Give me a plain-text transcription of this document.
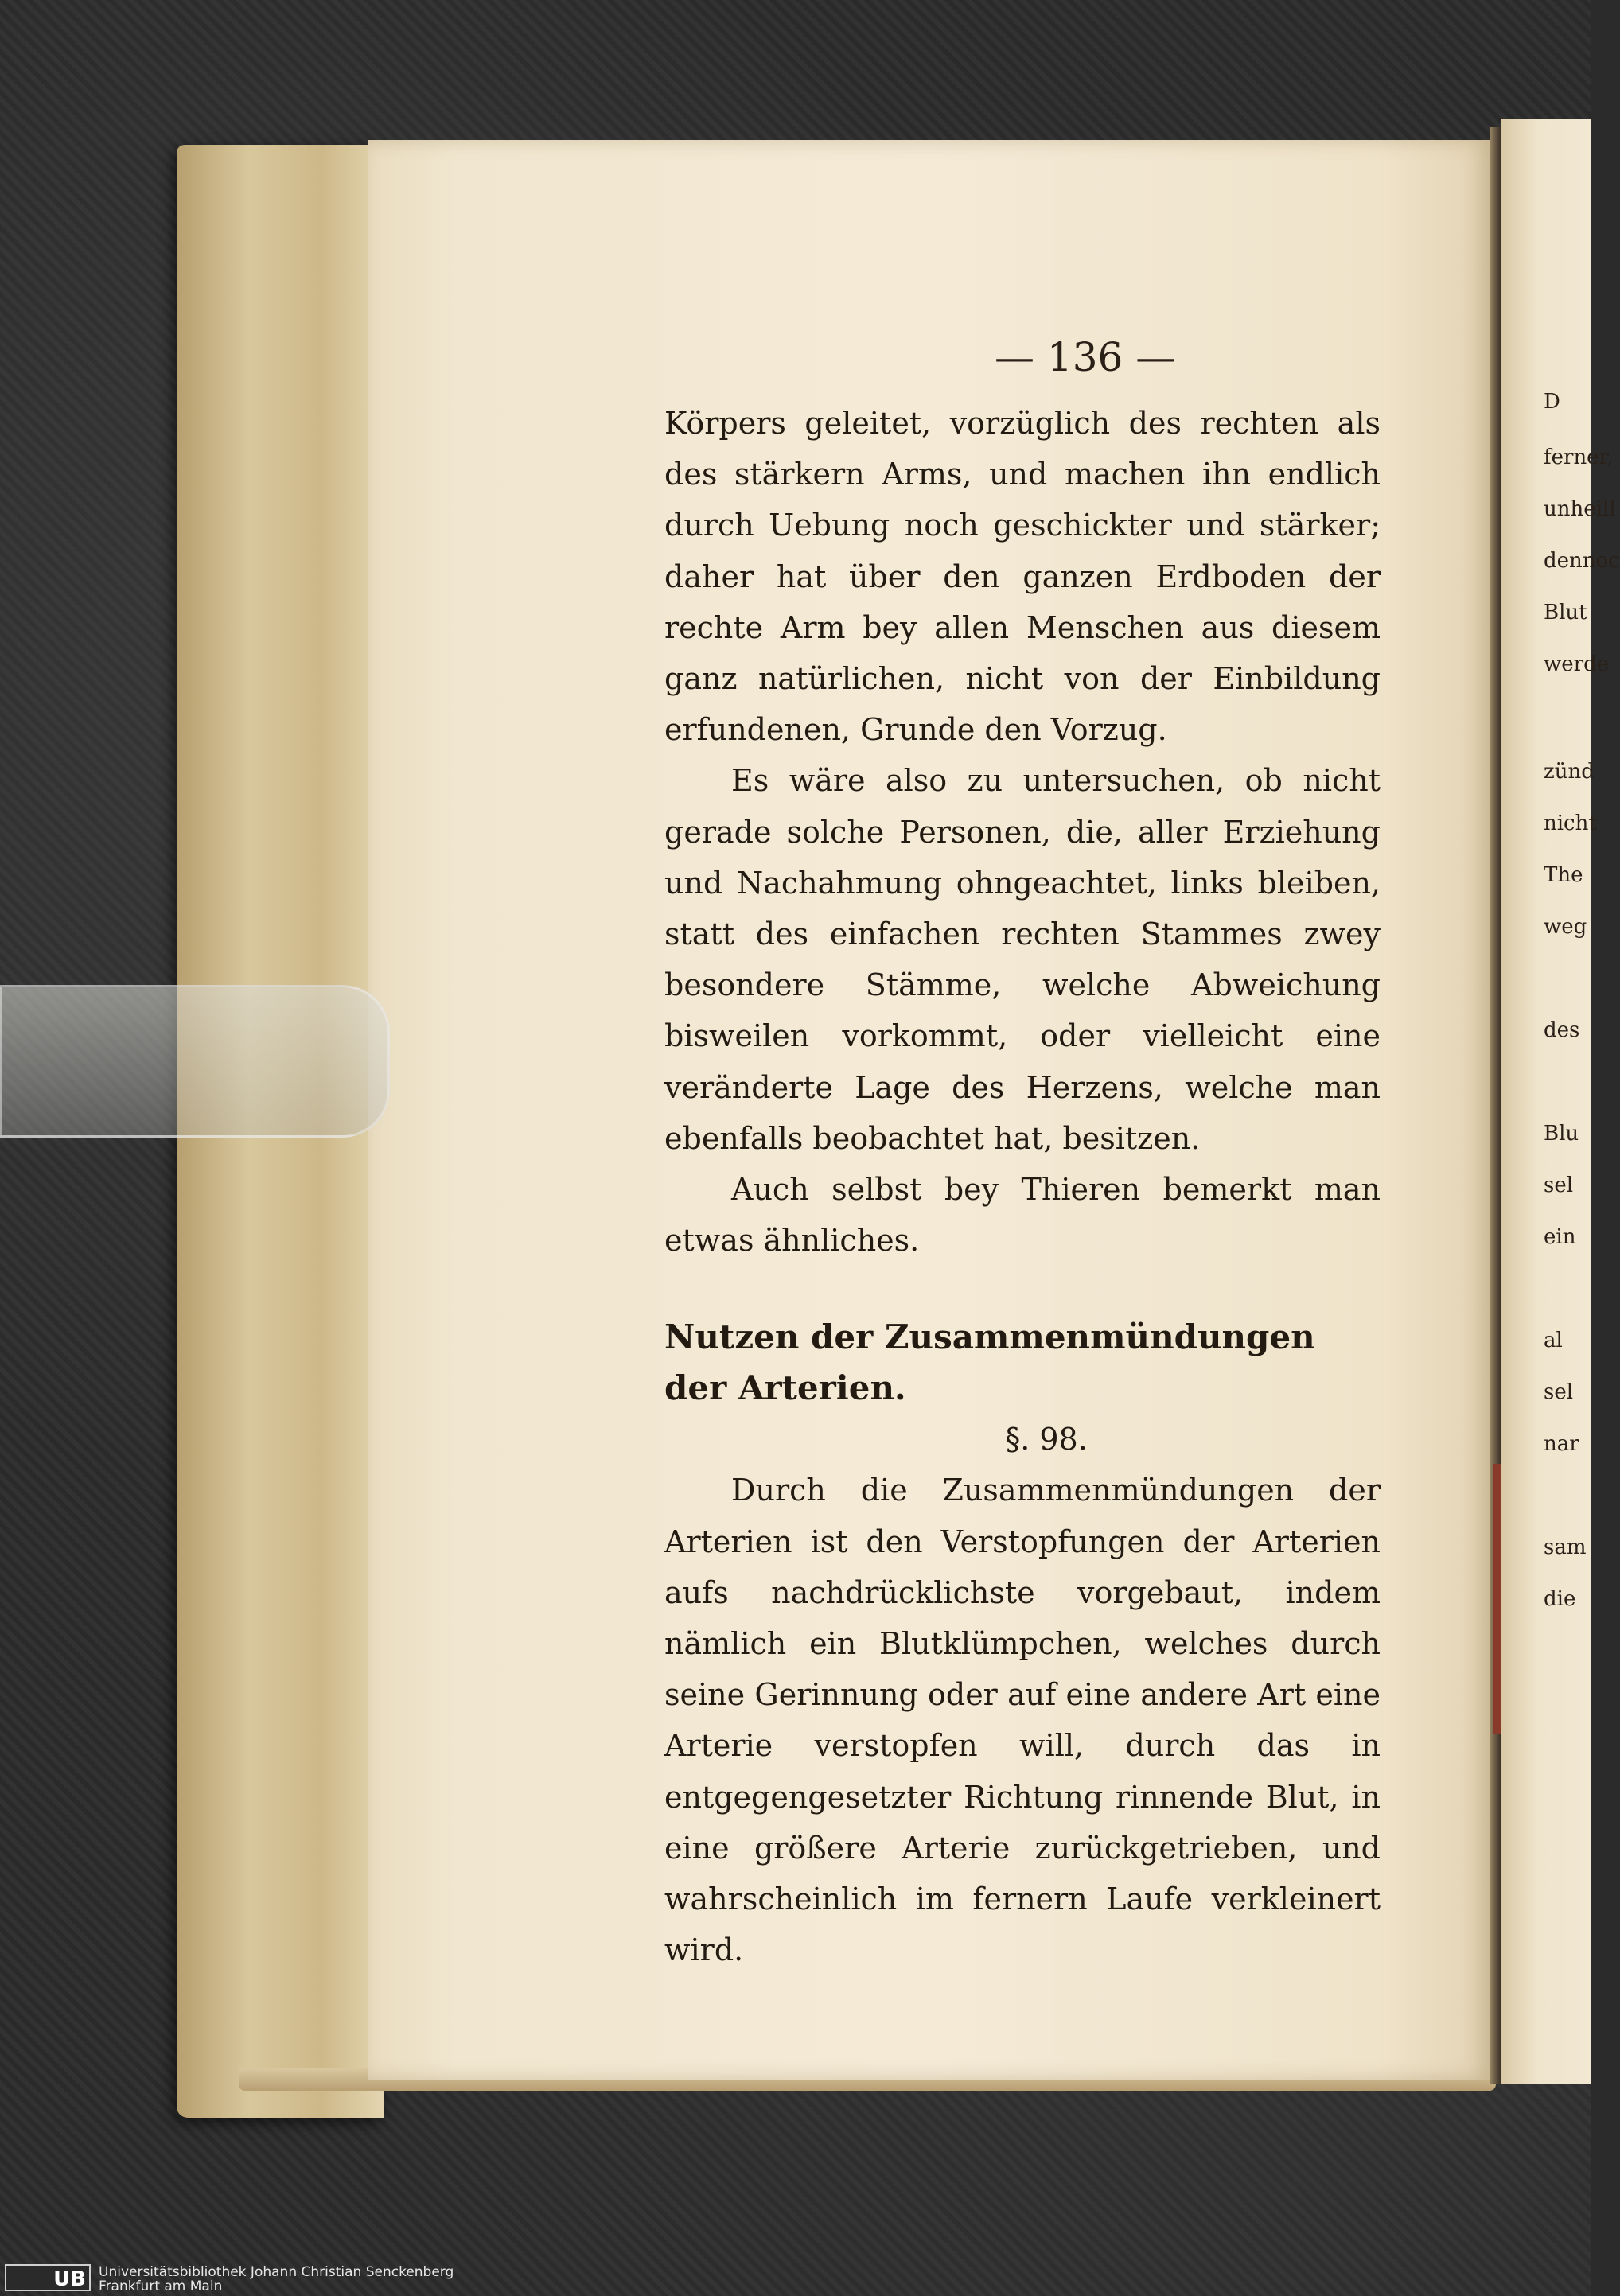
Körpers geleitet, vorzüglich des rechten als des stärkern Arms, und machen ihn endlich durch Uebung noch geschickter und stärker; daher hat über den ganzen Erdboden der rechte Arm bey allen Menschen aus diesem ganz natürlichen, nicht von der Einbildung erfundenen, Grunde den Vorzug.

Es wäre also zu untersuchen, ob nicht gerade solche Personen, die, aller Erziehung und Nachahmung ohngeachtet, links bleiben, statt des einfachen rechten Stammes zwey besondere Stämme, welche Abweichung bisweilen vorkommt, oder vielleicht eine veränderte Lage des Herzens, welche man ebenfalls beobachtet hat, besitzen.

Auch selbst bey Thieren bemerkt man etwas ähnliches.

Nutzen der Zusammenmündungen der Arterien.

§. 98.

Durch die Zusammenmündungen der Arterien ist den Verstopfungen der Arterien aufs nachdrücklichste vorgebaut, indem nämlich ein Blutklümpchen, welches durch seine Gerinnung oder auf eine andere Art eine Arterie verstopfen will, durch das in entgegengesetzter Richtung rinnende Blut, in eine größere Arterie zurückgetrieben, und wahrscheinlich im fernern Laufe verkleinert wird.

D
ferner,
unheill
dennoc
Blut
werde
zünd
nicht
The
weg
des
Blu
sel
ein
al
sel
nar
sam
die
UB Universitätsbibliothek Johann Christian Senckenberg
Frankfurt am Main
